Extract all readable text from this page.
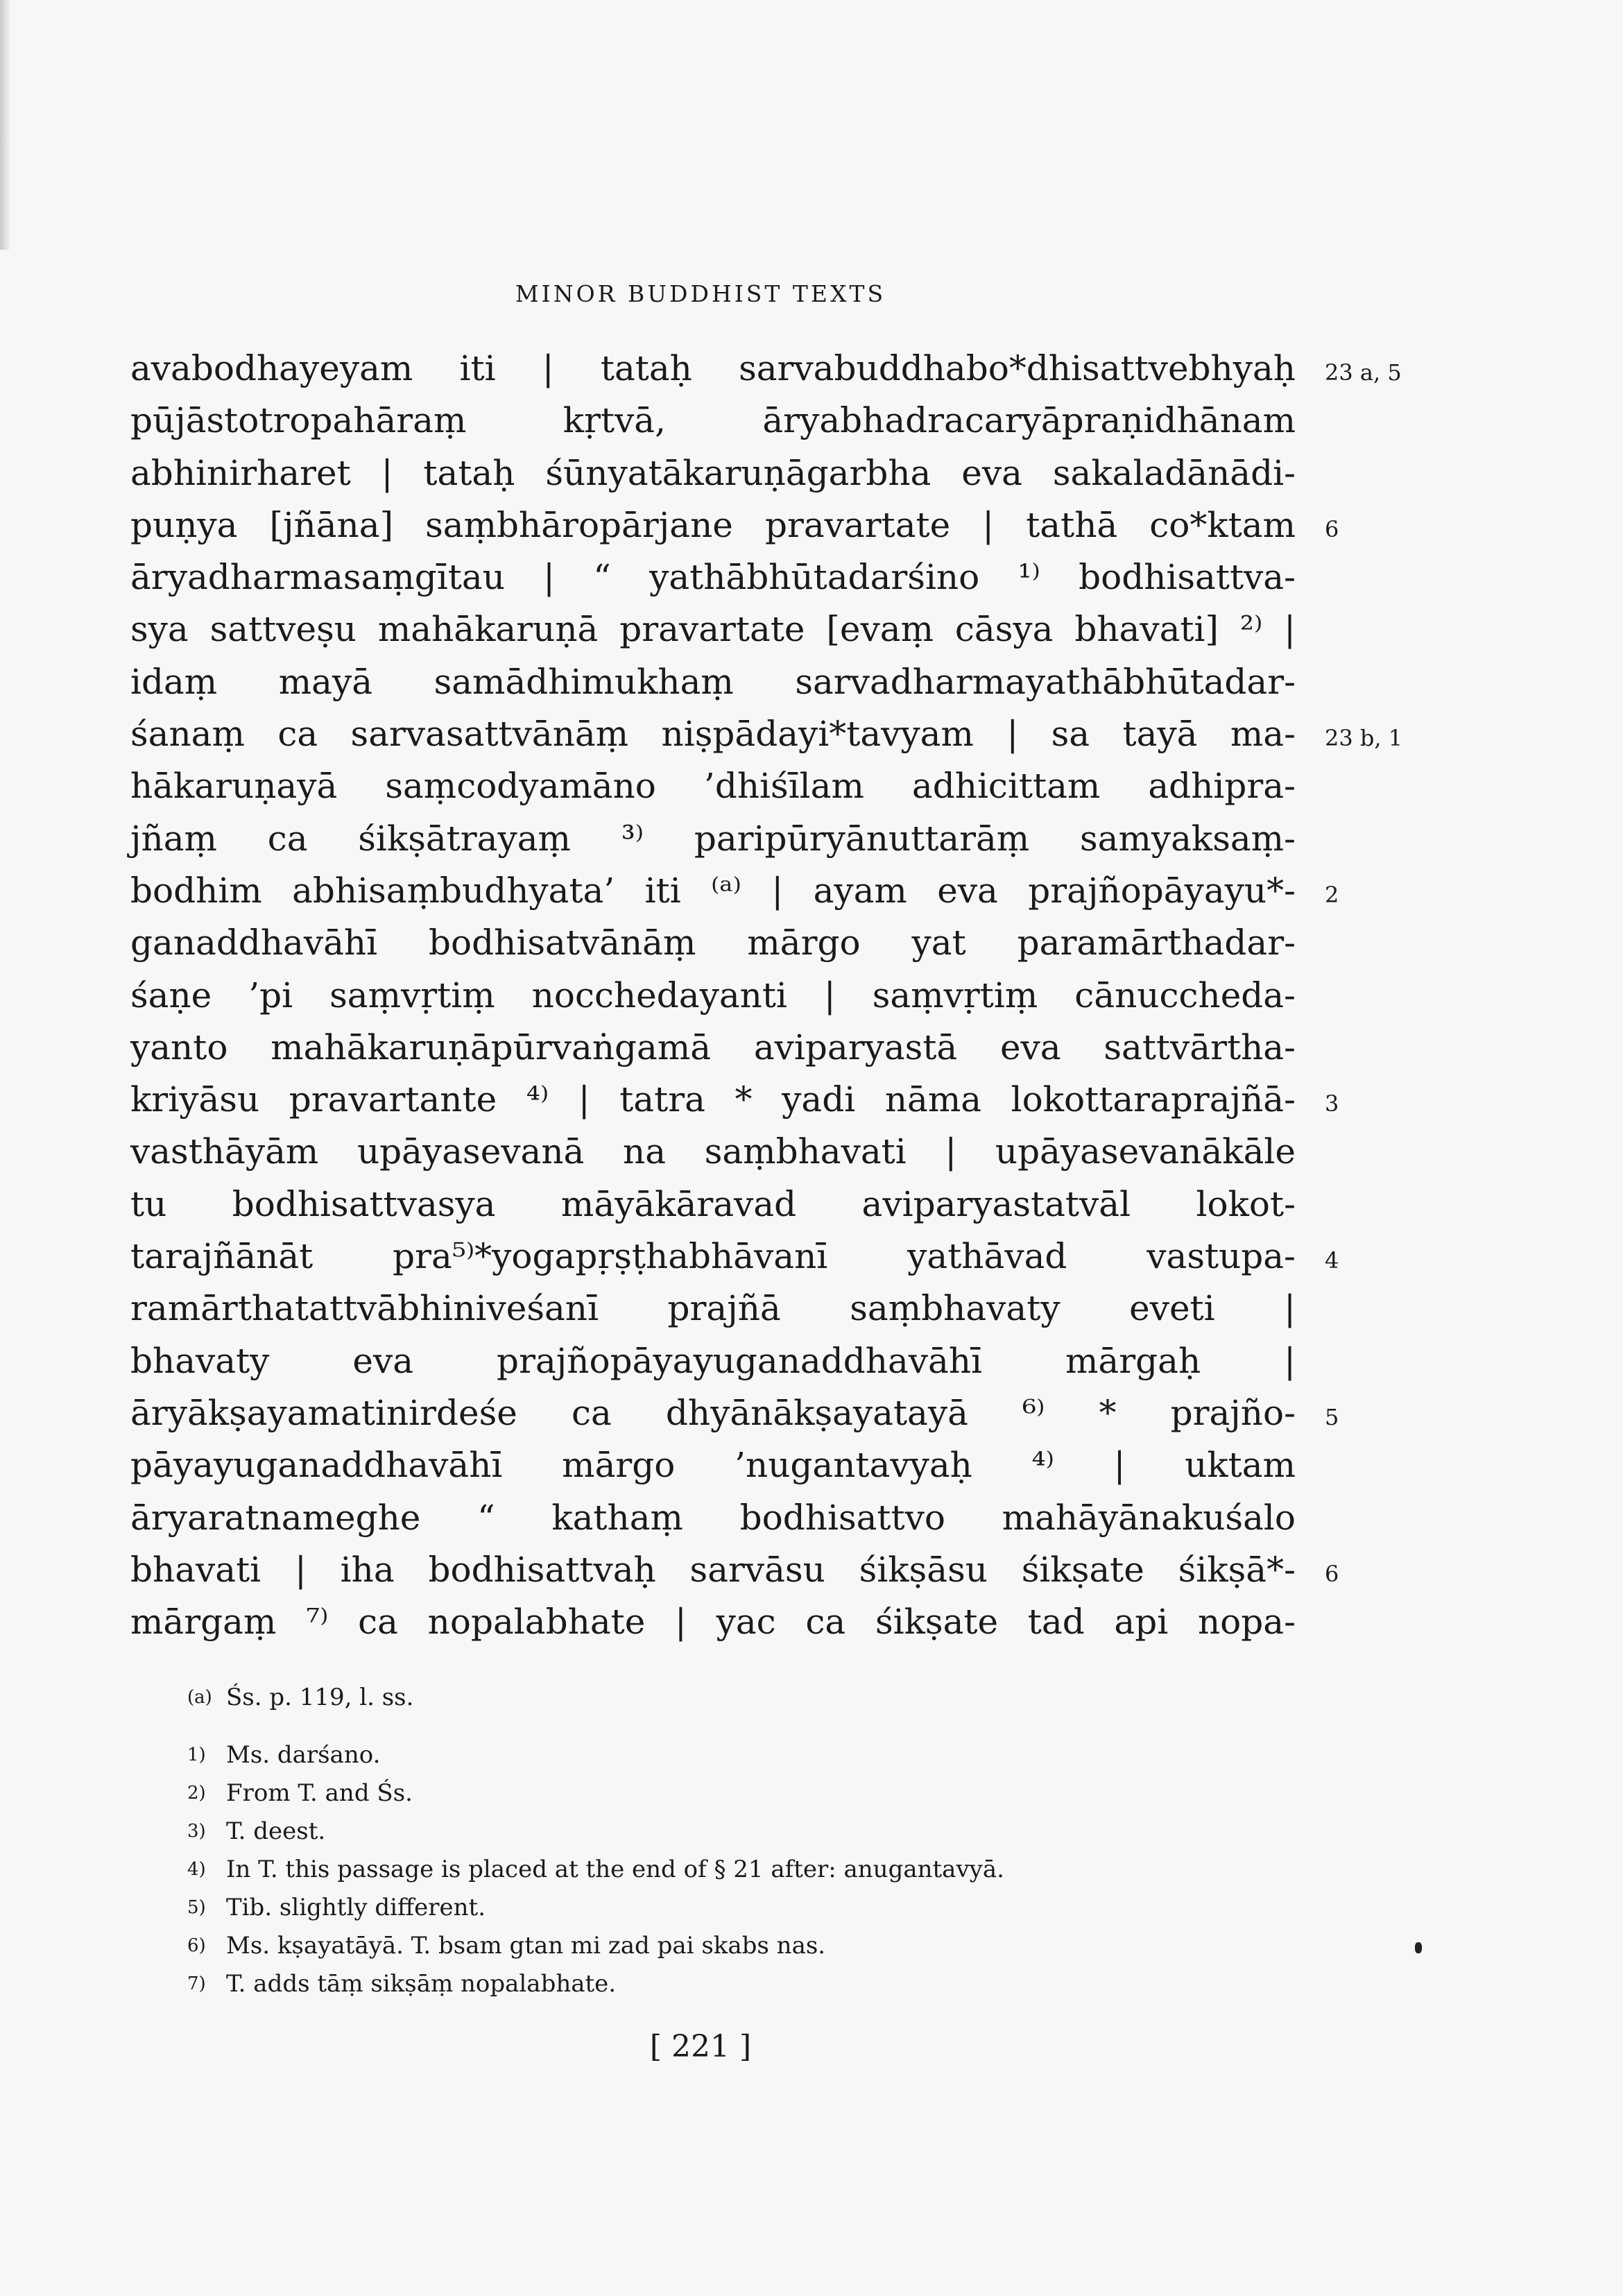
MINOR BUDDHIST TEXTS
avabodhayeyam iti | tataḥ sarvabuddhabo*dhisattvebhyaḥ 23 a, 5
pūjāstotropahāraṃ kṛtvā, āryabhadracaryāpraṇidhānam
abhinirharet | tataḥ śūnyatākaruṇāgarbha eva sakaladānādi-
puṇya [jñāna] saṃbhāropārjane pravartate | tathā co*ktam 6
āryadharmasaṃgītau | “ yathābhūtadarśino ¹⁾ bodhisattva-
sya sattveṣu mahākaruṇā pravartate [evaṃ cāsya bhavati] ²⁾ |
idaṃ mayā samādhimukhaṃ sarvadharmayathābhūtadar-
śanaṃ ca sarvasattvānāṃ niṣpādayi*tavyam | sa tayā ma- 23 b, 1
hākaruṇayā saṃcodyamāno ’dhiśīlam adhicittam adhipra-
jñaṃ ca śikṣātrayaṃ ³⁾ paripūryānuttarāṃ samyaksaṃ-
bodhim abhisaṃbudhyata’ iti ⁽ᵃ⁾ | ayam eva prajñopāyayu*- 2
ganaddhavāhī bodhisatvānāṃ mārgo yat paramārthadar-
śaṇe ’pi saṃvṛtiṃ nocchedayanti | saṃvṛtiṃ cānuccheda-
yanto mahākaruṇāpūrvaṅgamā aviparyastā eva sattvārtha-
kriyāsu pravartante ⁴⁾ | tatra * yadi nāma lokottaraprajñā- 3
vasthāyām upāyasevanā na saṃbhavati | upāyasevanākāle
tu bodhisattvasya māyākāravad aviparyastatvāl lokot-
tarajñānāt pra⁵⁾*yogapṛṣṭhabhāvanī yathāvad vastupa- 4
ramārthatattvābhiniveśanī prajñā saṃbhavaty eveti |
bhavaty eva prajñopāyayuganaddhavāhī mārgaḥ |
āryākṣayamatinirdeśe ca dhyānākṣayatayā ⁶⁾ * prajño- 5
pāyayuganaddhavāhī mārgo ’nugantavyaḥ ⁴⁾ | uktam
āryaratnameghe “ kathaṃ bodhisattvo mahāyānakuśalo
bhavati | iha bodhisattvaḥ sarvāsu śikṣāsu śikṣate śikṣā*- 6
mārgaṃ ⁷⁾ ca nopalabhate | yac ca śikṣate tad api nopa-
(a) Śs. p. 119, l. ss.
1) Ms. darśano.
2) From T. and Śs.
3) T. deest.
4) In T. this passage is placed at the end of § 21 after: anugantavyā.
5) Tib. slightly different.
6) Ms. kṣayatāyā. T. bsam gtan mi zad pai skabs nas.
7) T. adds tāṃ sikṣāṃ nopalabhate.
[ 221 ]
